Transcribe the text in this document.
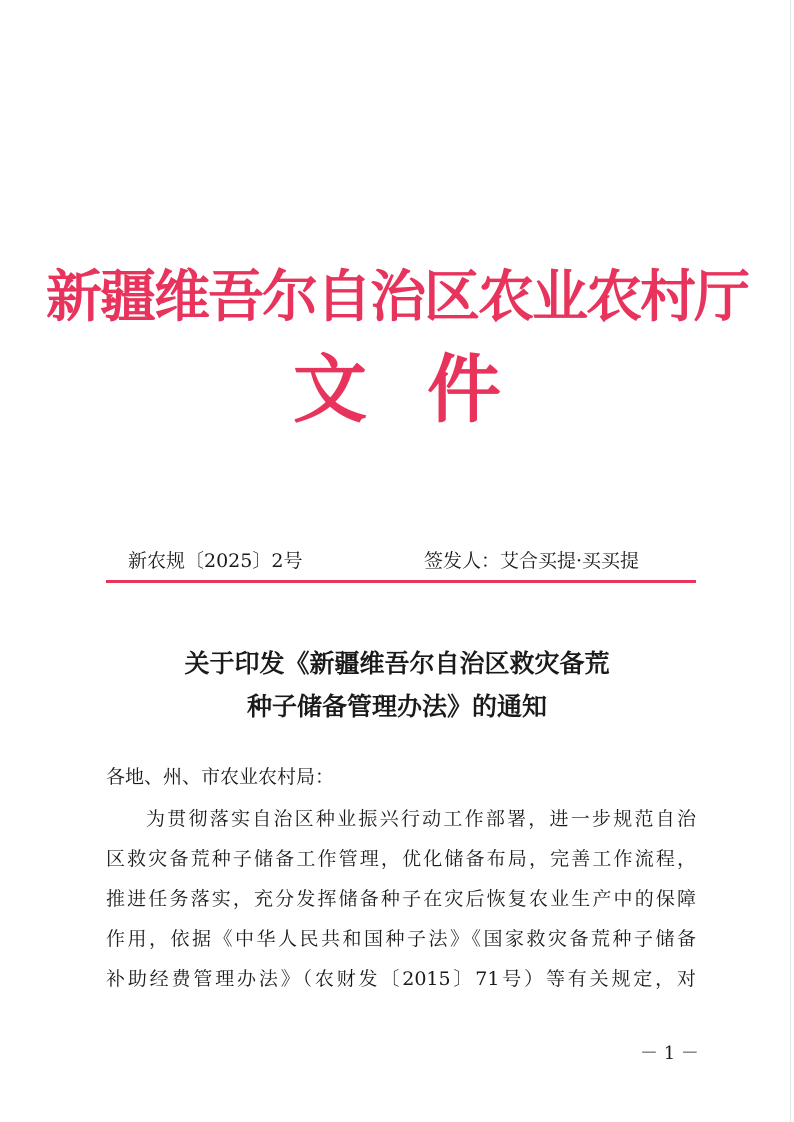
新疆维吾尔自治区农业农村厅
文件
新农规〔2025〕2号	签发人：艾合买提·买买提
关于印发《新疆维吾尔自治区救灾备荒
种子储备管理办法》的通知
各地、州、市农业农村局：
为贯彻落实自治区种业振兴行动工作部署，进一步规范自治
区救灾备荒种子储备工作管理，优化储备布局，完善工作流程，
推进任务落实，充分发挥储备种子在灾后恢复农业生产中的保障
作用，依据《中华人民共和国种子法》《国家救灾备荒种子储备
补助经费管理办法》（农财发〔2015〕71号）等有关规定，对
－ 1 －
